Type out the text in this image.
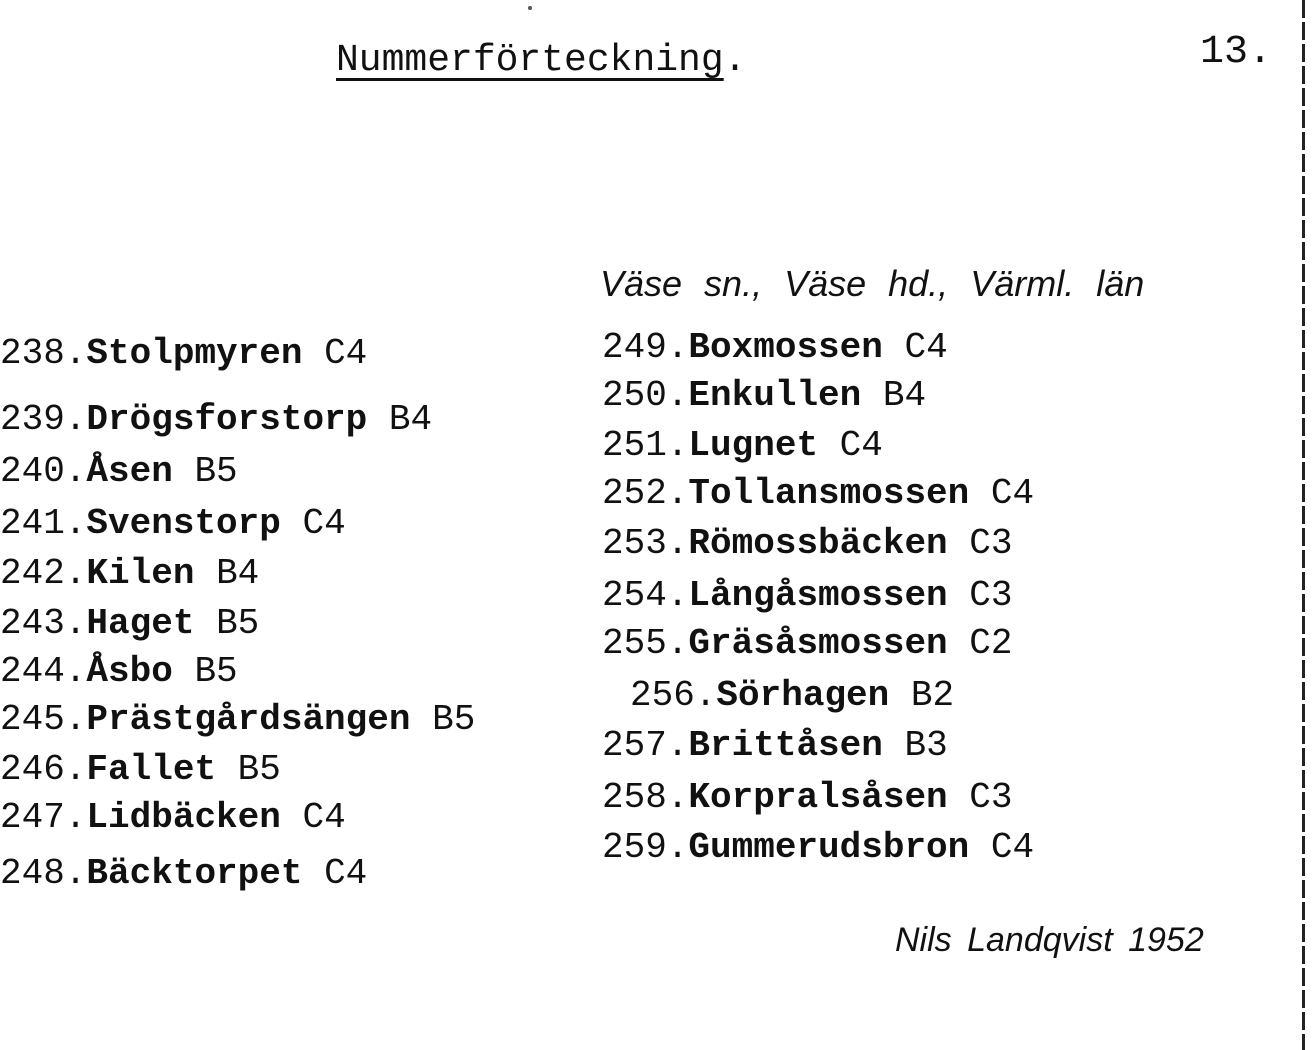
Nummerförteckning.	13.
Väse sn., Väse hd., Värml. län
238.Stolpmyren C4
239.Drögsforstorp B4
240.Åsen B5
241.Svenstorp C4
242.Kilen B4
243.Haget B5
244.Åsbo B5
245.Prästgårdsängen B5
246.Fallet B5
247.Lidbäcken C4
248.Bäcktorpet C4
249.Boxmossen C4
250.Enkullen B4
251.Lugnet C4
252.Tollansmossen C4
253.Römossbäcken C3
254.Långåsmossen C3
255.Gräsåsmossen C2
256.Sörhagen B2
257.Brittåsen B3
258.Korpralsåsen C3
259.Gummerudsbron C4
Nils Landqvist 1952
